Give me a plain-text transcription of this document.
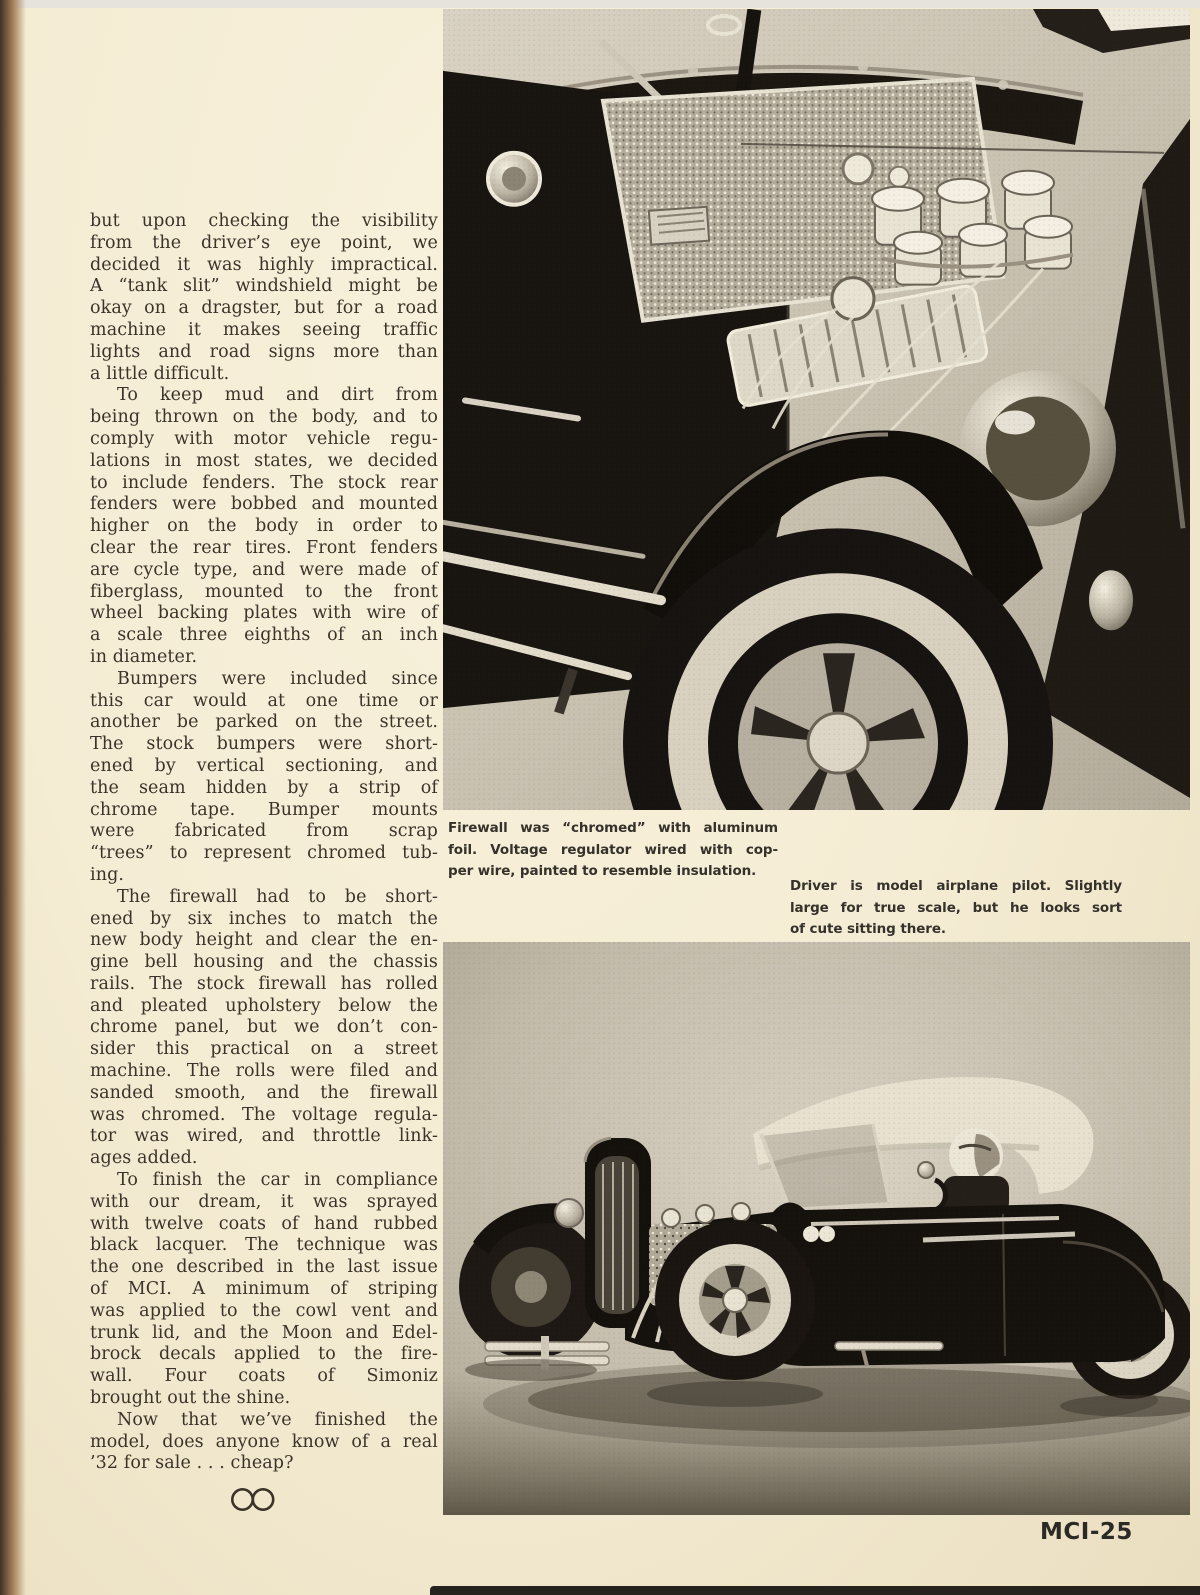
Firewall was “chromed” with aluminum
foil. Voltage regulator wired with cop-
per wire, painted to resemble insulation.
Driver is model airplane pilot. Slightly
large for true scale, but he looks sort
of cute sitting there.
but upon checking the visibility
from the driver’s eye point, we
decided it was highly impractical.
A “tank slit” windshield might be
okay on a dragster, but for a road
machine it makes seeing traffic
lights and road signs more than
a little difficult.
To keep mud and dirt from
being thrown on the body, and to
comply with motor vehicle regu-
lations in most states, we decided
to include fenders. The stock rear
fenders were bobbed and mounted
higher on the body in order to
clear the rear tires. Front fenders
are cycle type, and were made of
fiberglass, mounted to the front
wheel backing plates with wire of
a scale three eighths of an inch
in diameter.
Bumpers were included since
this car would at one time or
another be parked on the street.
The stock bumpers were short-
ened by vertical sectioning, and
the seam hidden by a strip of
chrome tape. Bumper mounts
were fabricated from scrap
“trees” to represent chromed tub-
ing.
The firewall had to be short-
ened by six inches to match the
new body height and clear the en-
gine bell housing and the chassis
rails. The stock firewall has rolled
and pleated upholstery below the
chrome panel, but we don’t con-
sider this practical on a street
machine. The rolls were filed and
sanded smooth, and the firewall
was chromed. The voltage regula-
tor was wired, and throttle link-
ages added.
To finish the car in compliance
with our dream, it was sprayed
with twelve coats of hand rubbed
black lacquer. The technique was
the one described in the last issue
of MCI. A minimum of striping
was applied to the cowl vent and
trunk lid, and the Moon and Edel-
brock decals applied to the fire-
wall. Four coats of Simoniz
brought out the shine.
Now that we’ve finished the
model, does anyone know of a real
’32 for sale . . . cheap?
MCI-25
